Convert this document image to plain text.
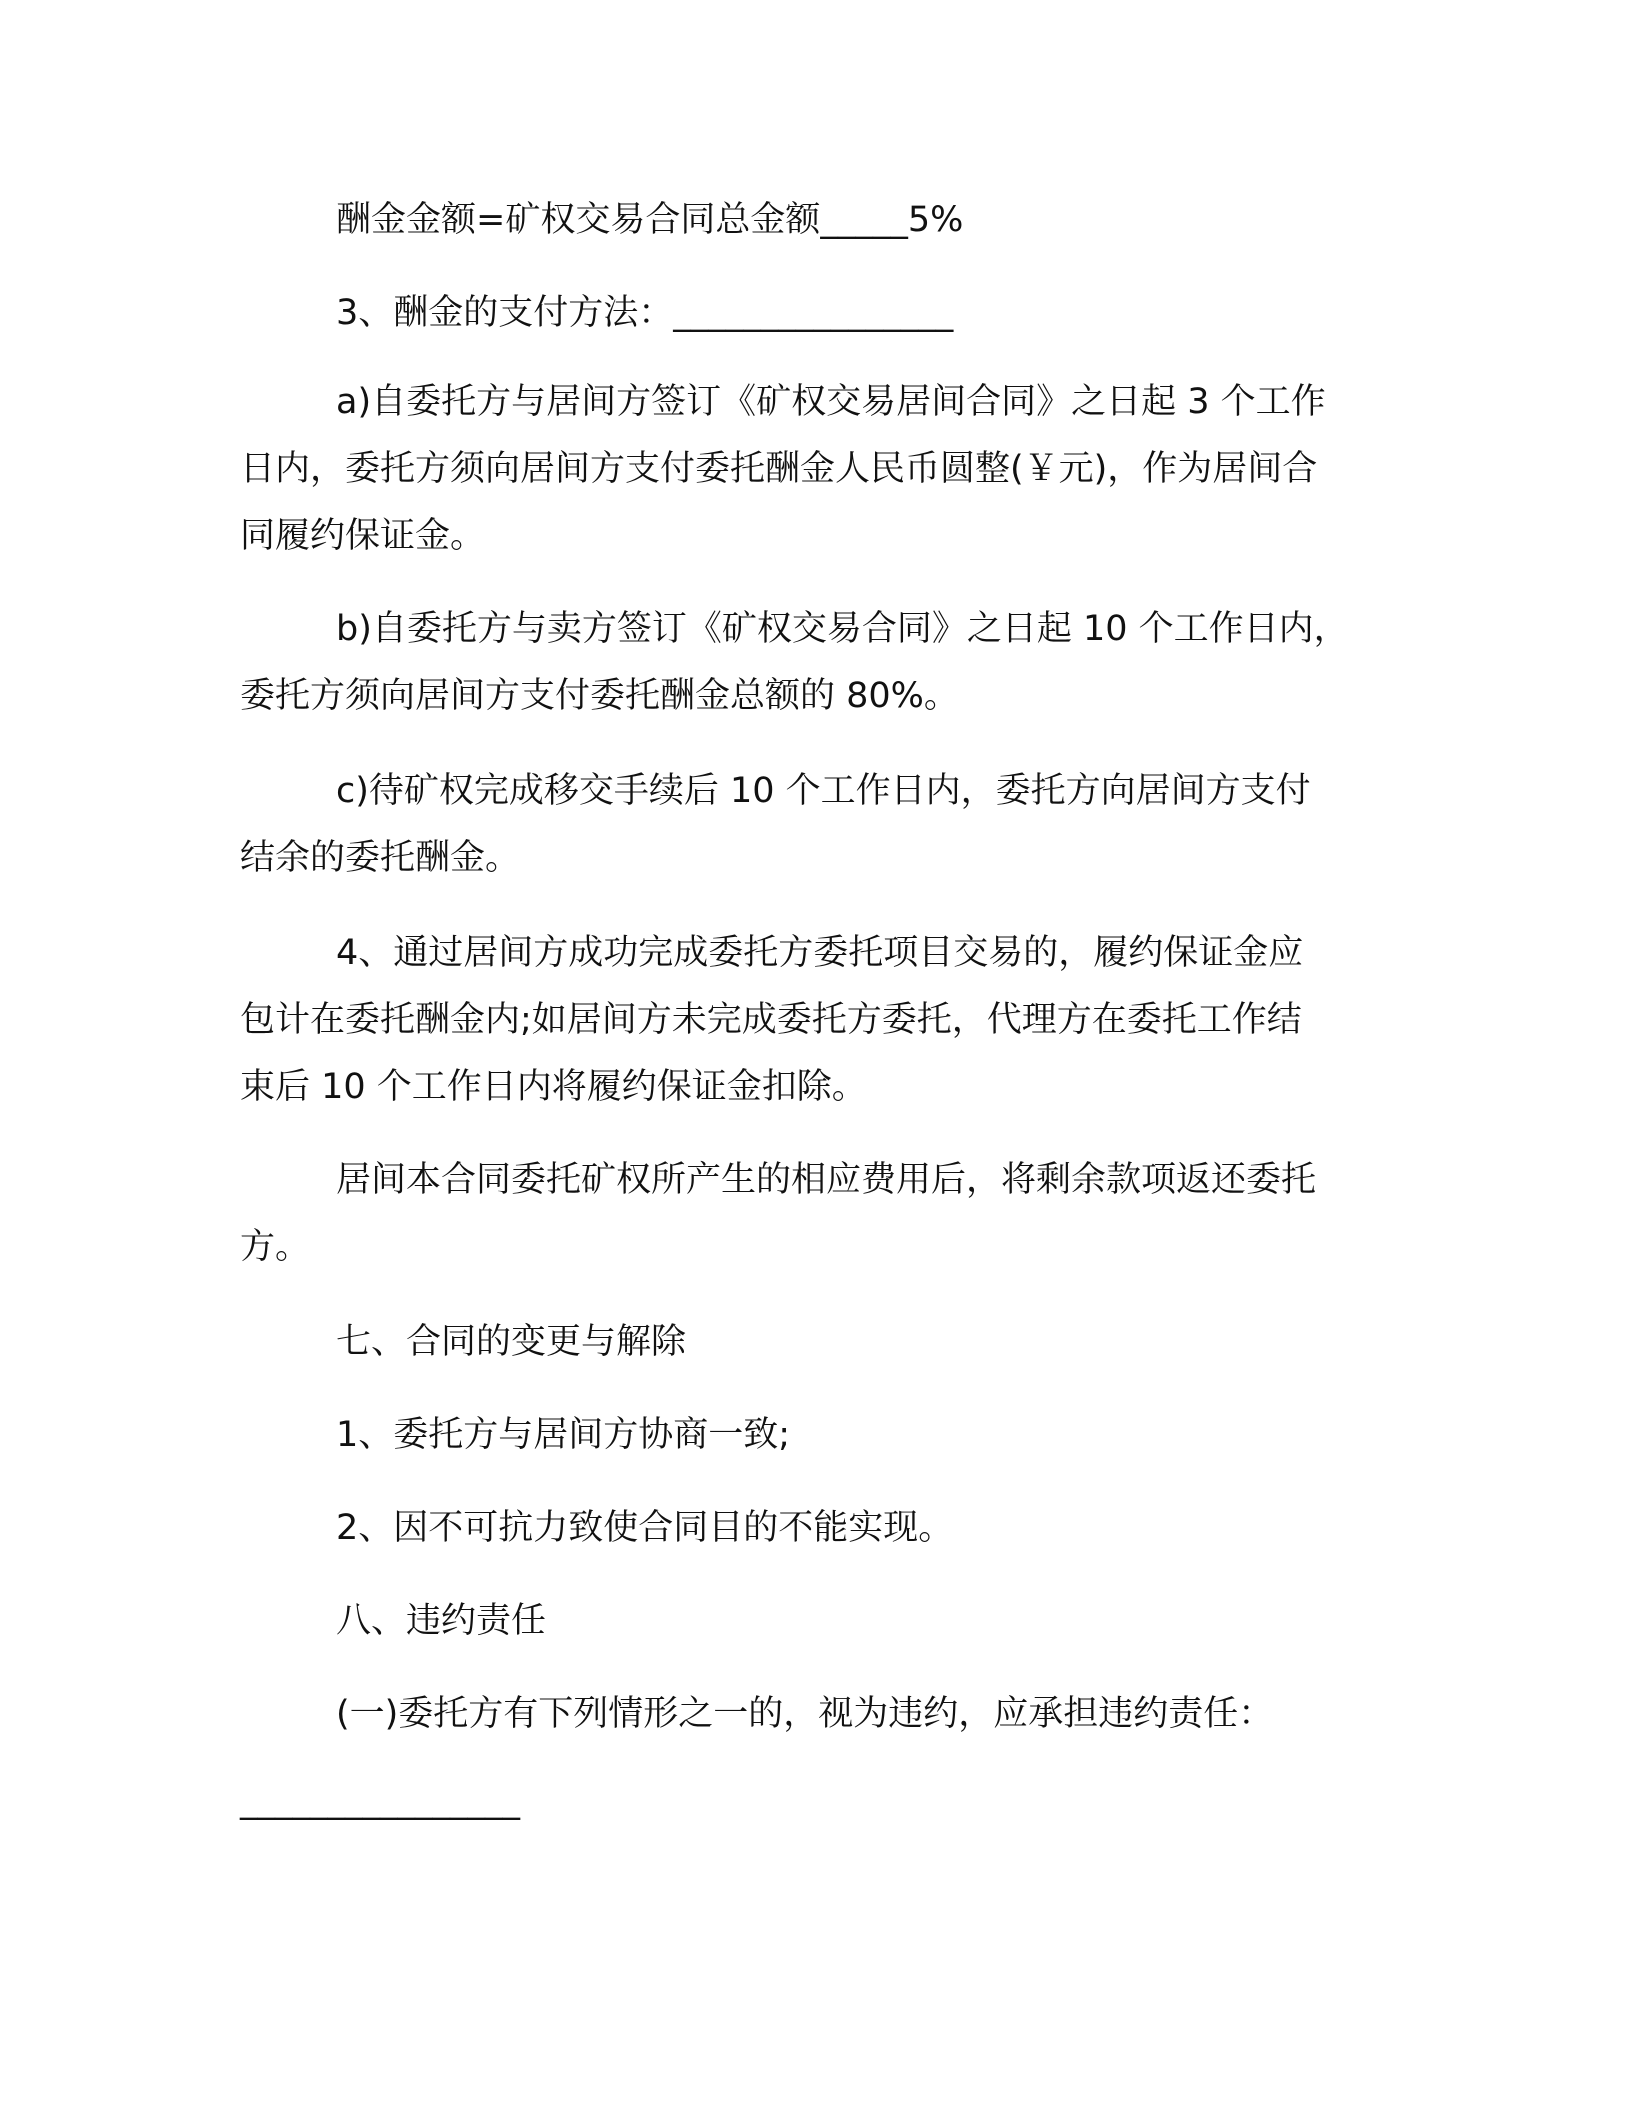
酬金金额=矿权交易合同总金额_____5%

3、酬金的支付方法：________________

a)自委托方与居间方签订《矿权交易居间合同》之日起 3 个工作
日内，委托方须向居间方支付委托酬金人民币圆整(￥元)，作为居间合
同履约保证金。

b)自委托方与卖方签订《矿权交易合同》之日起 10 个工作日内，
委托方须向居间方支付委托酬金总额的 80%。

c)待矿权完成移交手续后 10 个工作日内，委托方向居间方支付
结余的委托酬金。

4、通过居间方成功完成委托方委托项目交易的，履约保证金应
包计在委托酬金内;如居间方未完成委托方委托，代理方在委托工作结
束后 10 个工作日内将履约保证金扣除。

居间本合同委托矿权所产生的相应费用后，将剩余款项返还委托
方。

七、合同的变更与解除

1、委托方与居间方协商一致;

2、因不可抗力致使合同目的不能实现。

八、违约责任

(一)委托方有下列情形之一的，视为违约，应承担违约责任：

________________
